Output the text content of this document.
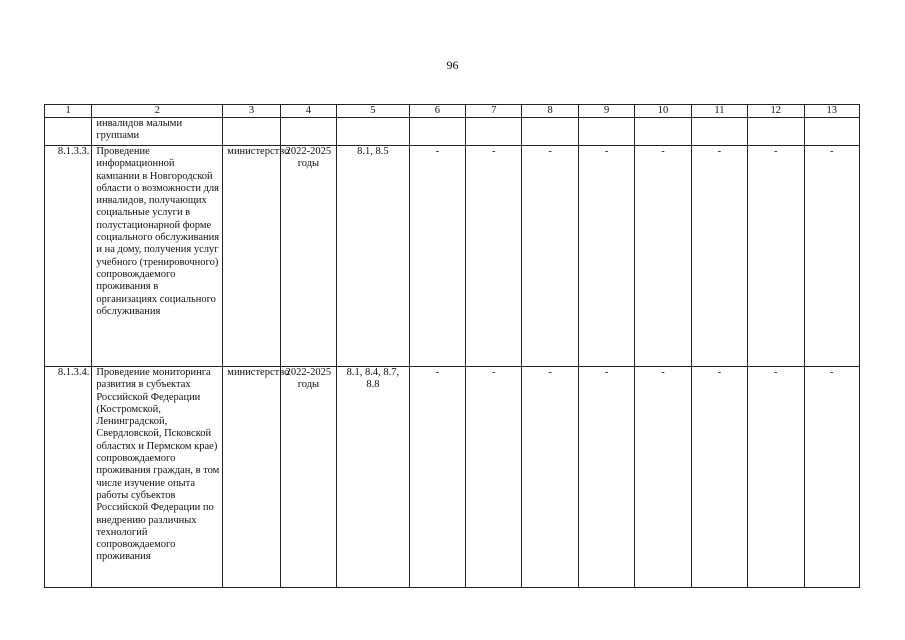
96
1	2	3	4	5	6	7	8	9	10	11	12	13
	инвалидов малыми группами											
8.1.3.3.	Проведение информационной кампании в Новгородской области о возможности для инвалидов, получающих социальные услуги в полустационарной форме социального обслуживания и на дому, получения услуг учебного (тренировочного) сопровождаемого проживания в организациях социального обслуживания	министерство	2022-2025 годы	8.1, 8.5	-	-	-	-	-	-	-	-
8.1.3.4.	Проведение мониторинга развития в субъектах Российской Федерации (Костромской, Ленинградской, Свердловской, Псковской областях и Пермском крае) сопровождаемого проживания граждан, в том числе изучение опыта работы субъектов Российской Федерации по внедрению различных технологий сопровождаемого проживания	министерство	2022-2025 годы	8.1, 8.4, 8.7, 8.8	-	-	-	-	-	-	-	-
